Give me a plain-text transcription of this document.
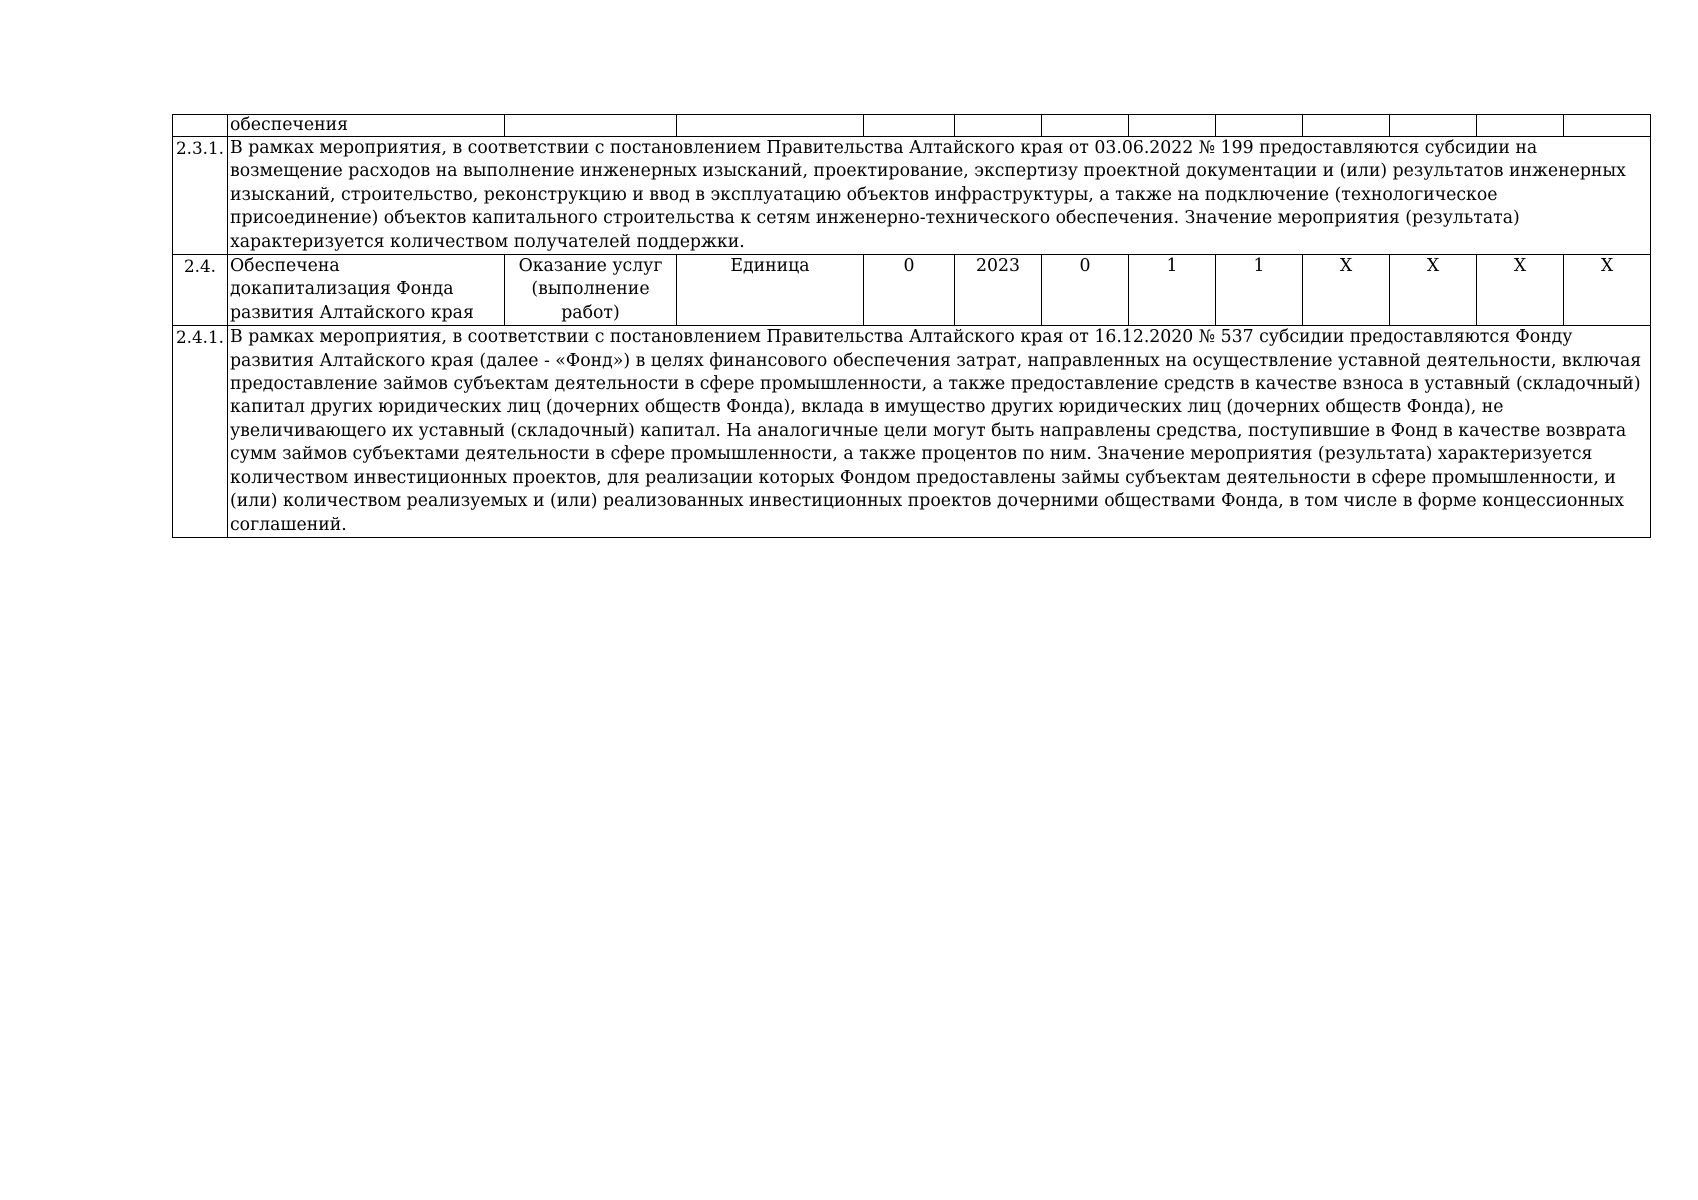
	обеспечения											
2.3.1.	В рамках мероприятия, в соответствии с постановлением Правительства Алтайского края от 03.06.2022 № 199 предоставляются субсидии на возмещение расходов на выполнение инженерных изысканий, проектирование, экспертизу проектной документации и (или) результатов инженерных изысканий, строительство, реконструкцию и ввод в эксплуатацию объектов инфраструктуры, а также на подключение (технологическое присоединение) объектов капитального строительства к сетям инженерно-технического обеспечения. Значение мероприятия (результата) характеризуется количеством получателей поддержки.											
2.4.	Обеспечена докапитализация Фонда развития Алтайского края	Оказание услуг (выполнение работ)	Единица	0	2023	0	1	1	X	X	X	X
2.4.1.	В рамках мероприятия, в соответствии с постановлением Правительства Алтайского края от 16.12.2020 № 537 субсидии предоставляются Фонду развития Алтайского края (далее - «Фонд») в целях финансового обеспечения затрат, направленных на осуществление уставной деятельности, включая предоставление займов субъектам деятельности в сфере промышленности, а также предоставление средств в качестве взноса в уставный (складочный) капитал других юридических лиц (дочерних обществ Фонда), вклада в имущество других юридических лиц (дочерних обществ Фонда), не увеличивающего их уставный (складочный) капитал. На аналогичные цели могут быть направлены средства, поступившие в Фонд в качестве возврата сумм займов субъектами деятельности в сфере промышленности, а также процентов по ним. Значение мероприятия (результата) характеризуется количеством инвестиционных проектов, для реализации которых Фондом предоставлены займы субъектам деятельности в сфере промышленности, и (или) количеством реализуемых и (или) реализованных инвестиционных проектов дочерними обществами Фонда, в том числе в форме концессионных соглашений.											
